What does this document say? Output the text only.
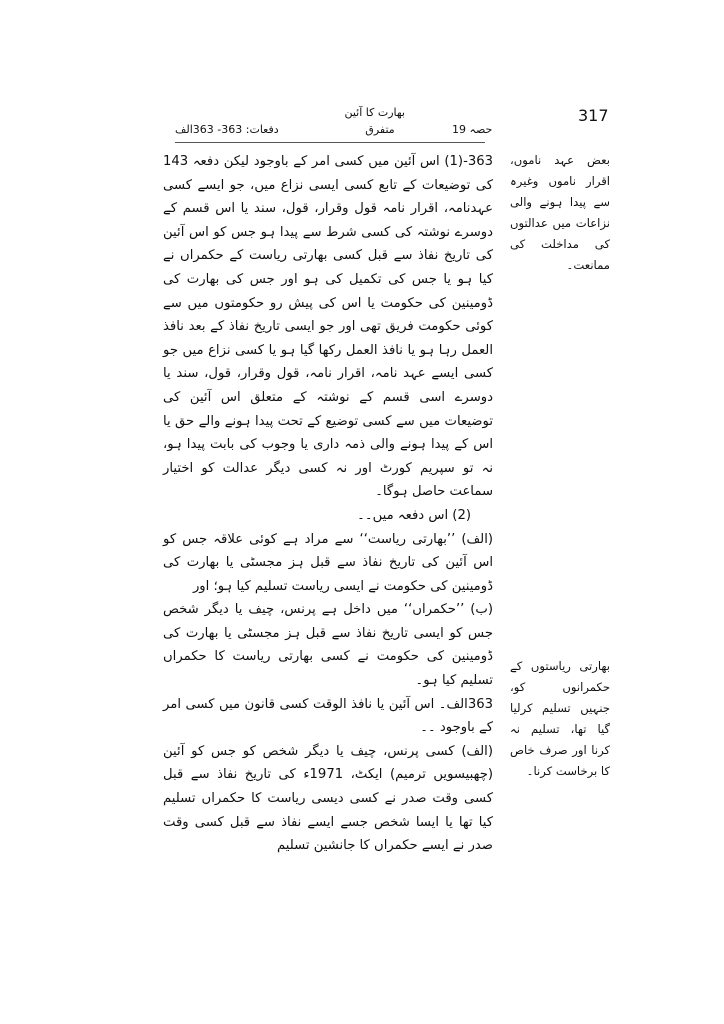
317
بھارت کا آئین
متفرق	حصہ 19
دفعات: 363- 363الف
بعض عہد ناموں، اقرار ناموں وغیرہ سے پیدا ہونے والی نزاعات میں عدالتوں کی مداخلت کی ممانعت۔
بھارتی ریاستوں کے حکمرانوں کو، جنہیں تسلیم کرلیا گیا تھا، تسلیم نہ کرنا اور صرف خاص کا برخاست کرنا۔

363-(1) اس آئین میں کسی امر کے باوجود لیکن دفعہ 143 کی توضیعات کے تابع کسی ایسی نزاع میں، جو ایسے کسی عہدنامہ، اقرار نامہ قول وقرار، قول، سند یا اس قسم کے دوسرے نوشتہ کی کسی شرط سے پیدا ہو جس کو اس آئین کی تاریخ نفاذ سے قبل کسی بھارتی ریاست کے حکمراں نے کیا ہو یا جس کی تکمیل کی ہو اور جس کی بھارت کی ڈومینین کی حکومت یا اس کی پیش رو حکومتوں میں سے کوئی حکومت فریق تھی اور جو ایسی تاریخ نفاذ کے بعد نافذ العمل رہا ہو یا نافذ العمل رکھا گیا ہو یا کسی نزاع میں جو کسی ایسے عہد نامہ، اقرار نامہ، قول وقرار، قول، سند یا دوسرے اسی قسم کے نوشتہ کے متعلق اس آئین کی توضیعات میں سے کسی توضیع کے تحت پیدا ہونے والے حق یا اس کے پیدا ہونے والی ذمہ داری یا وجوب کی بابت پیدا ہو، نہ تو سپریم کورٹ اور نہ کسی دیگر عدالت کو اختیار سماعت حاصل ہوگا۔

(2) اس دفعہ میں۔۔

(الف) ’’بھارتی ریاست‘‘ سے مراد ہے کوئی علاقہ جس کو اس آئین کی تاریخ نفاذ سے قبل ہز مجسٹی یا بھارت کی ڈومینین کی حکومت نے ایسی ریاست تسلیم کیا ہو؛ اور

(ب) ’’حکمراں‘‘ میں داخل ہے پرنس، چیف یا دیگر شخص جس کو ایسی تاریخ نفاذ سے قبل ہز مجسٹی یا بھارت کی ڈومینین کی حکومت نے کسی بھارتی ریاست کا حکمراں تسلیم کیا ہو۔

363الف۔ اس آئین یا نافذ الوقت کسی قانون میں کسی امر کے باوجود ۔۔

(الف) کسی پرنس، چیف یا دیگر شخص کو جس کو آئین (چھبیسویں ترمیم) ایکٹ، 1971ء کی تاریخ نفاذ سے قبل کسی وقت صدر نے کسی دیسی ریاست کا حکمراں تسلیم کیا تھا یا ایسا شخص جسے ایسے نفاذ سے قبل کسی وقت صدر نے ایسے حکمراں کا جانشین تسلیم
